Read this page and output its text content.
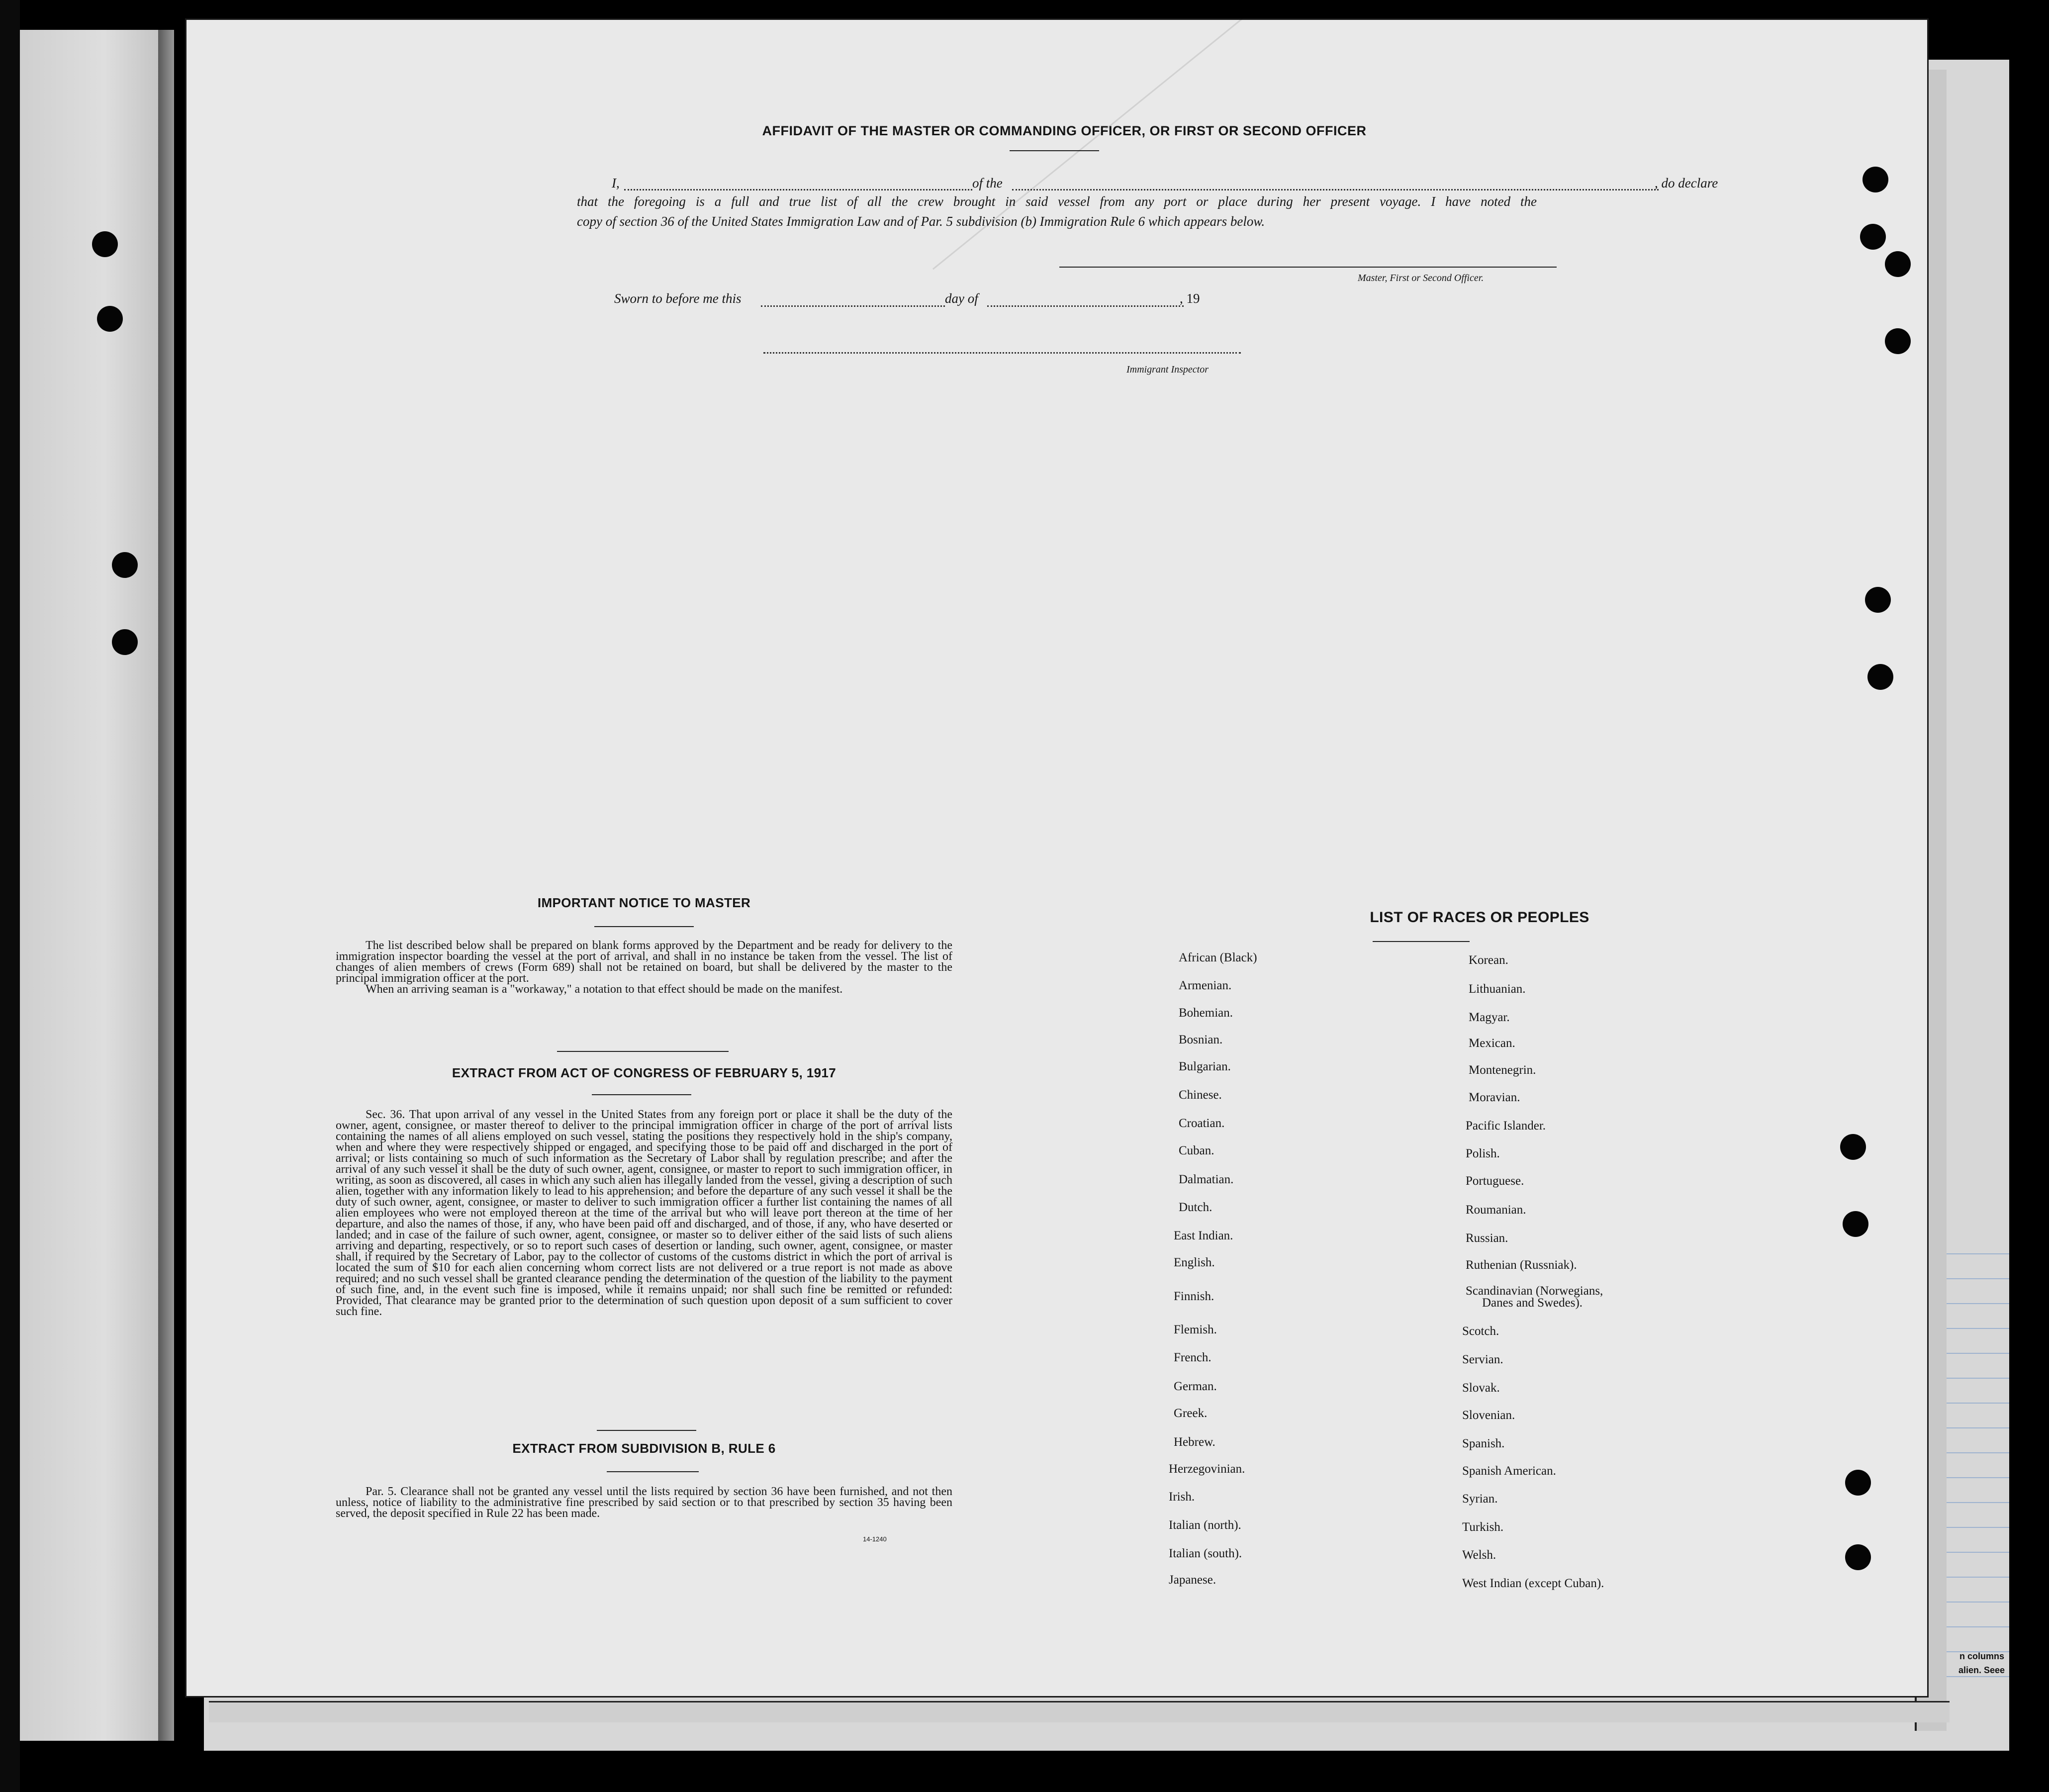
AFFIDAVIT OF THE MASTER OR COMMANDING OFFICER, OR FIRST OR SECOND OFFICER
I,	of the	, do declare
that the foregoing is a full and true list of all the crew brought in said vessel from any port or place during her present voyage. I have noted the
copy of section 36 of the United States Immigration Law and of Par. 5 subdivision (b) Immigration Rule 6 which appears below.
Master, First or Second Officer.
Sworn to before me this	day of	, 19
Immigrant Inspector
IMPORTANT NOTICE TO MASTER

The list described below shall be prepared on blank forms approved by the Department and be ready for delivery to the immigration inspector boarding the vessel at the port of arrival, and shall in no instance be taken from the vessel. The list of changes of alien members of crews (Form 689) shall not be retained on board, but shall be delivered by the master to the principal immigration officer at the port.

When an arriving seaman is a "workaway," a notation to that effect should be made on the manifest.

EXTRACT FROM ACT OF CONGRESS OF FEBRUARY 5, 1917

Sec. 36. That upon arrival of any vessel in the United States from any foreign port or place it shall be the duty of the owner, agent, consignee, or master thereof to deliver to the principal immigration officer in charge of the port of arrival lists containing the names of all aliens employed on such vessel, stating the positions they respectively hold in the ship's company, when and where they were respectively shipped or engaged, and specifying those to be paid off and discharged in the port of arrival; or lists containing so much of such information as the Secretary of Labor shall by regulation prescribe; and after the arrival of any such vessel it shall be the duty of such owner, agent, consignee, or master to report to such immigration officer, in writing, as soon as discovered, all cases in which any such alien has illegally landed from the vessel, giving a description of such alien, together with any information likely to lead to his apprehension; and before the departure of any such vessel it shall be the duty of such owner, agent, consignee, or master to deliver to such immigration officer a further list containing the names of all alien employees who were not employed thereon at the time of the arrival but who will leave port thereon at the time of her departure, and also the names of those, if any, who have been paid off and discharged, and of those, if any, who have deserted or landed; and in case of the failure of such owner, agent, consignee, or master so to deliver either of the said lists of such aliens arriving and departing, respectively, or so to report such cases of desertion or landing, such owner, agent, consignee, or master shall, if required by the Secretary of Labor, pay to the collector of customs of the customs district in which the port of arrival is located the sum of $10 for each alien concerning whom correct lists are not delivered or a true report is not made as above required; and no such vessel shall be granted clearance pending the determination of the question of the liability to the payment of such fine, and, in the event such fine is imposed, while it remains unpaid; nor shall such fine be remitted or refunded: Provided, That clearance may be granted prior to the determination of such question upon deposit of a sum sufficient to cover such fine.

EXTRACT FROM SUBDIVISION B, RULE 6

Par. 5. Clearance shall not be granted any vessel until the lists required by section 36 have been furnished, and not then unless, notice of liability to the administrative fine prescribed by said section or to that prescribed by section 35 having been served, the deposit specified in Rule 22 has been made.

14-1240
LIST OF RACES OR PEOPLES
African (Black)
Armenian.
Bohemian.
Bosnian.
Bulgarian.
Chinese.
Croatian.
Cuban.
Dalmatian.
Dutch.
East Indian.
English.
Finnish.
Flemish.
French.
German.
Greek.
Hebrew.
Herzegovinian.
Irish.
Italian (north).
Italian (south).
Japanese.
Korean.
Lithuanian.
Magyar.
Mexican.
Montenegrin.
Moravian.
Pacific Islander.
Polish.
Portuguese.
Roumanian.
Russian.
Ruthenian (Russniak).
Scandinavian (Norwegians,
Danes and Swedes).
Scotch.
Servian.
Slovak.
Slovenian.
Spanish.
Spanish American.
Syrian.
Turkish.
Welsh.
West Indian (except Cuban).
n columns
alien. Seee
